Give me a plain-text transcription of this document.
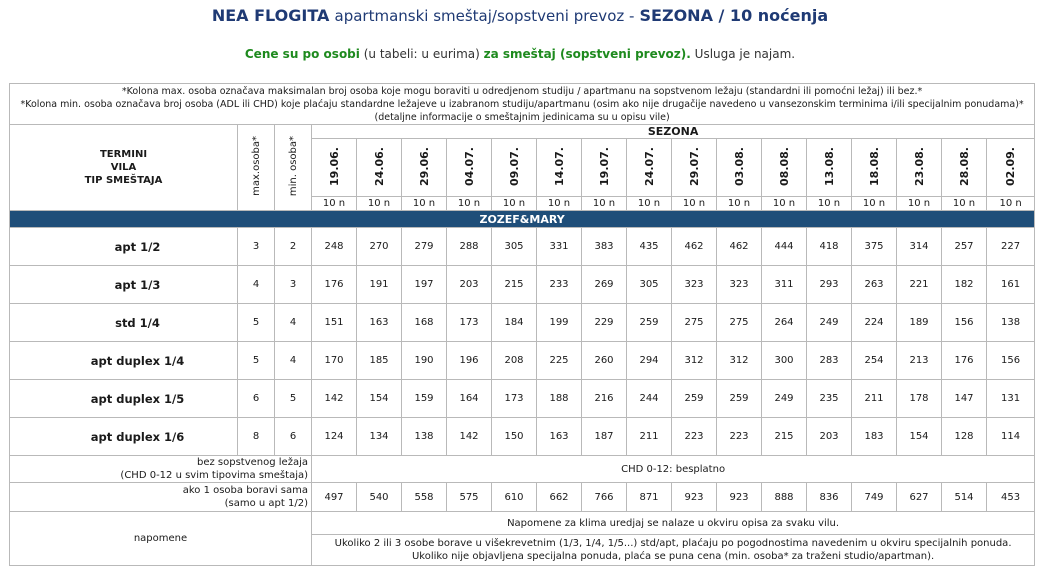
NEA FLOGITA apartmanski smeštaj/sopstveni prevoz - SEZONA / 10 noćenja
Cene su po osobi (u tabeli: u eurima) za smeštaj (sopstveni prevoz). Usluga je najam.
*Kolona max. osoba označava maksimalan broj osoba koje mogu boraviti u odredjenom studiju / apartmanu na sopstvenom ležaju (standardni ili pomoćni ležaj) ili bez.*
*Kolona min. osoba označava broj osoba (ADL ili CHD) koje plaćaju standardne ležajeve u izabranom studiju/apartmanu (osim ako nije drugačije navedeno u vansezonskim terminima i/ili specijalnim ponudama)*
(detaljne informacije o smeštajnim jedinicama su u opisu vile)																		

TERMINI
VILA
TIP SMEŠTAJA	max.osoba*	min. osoba*	SEZONA															
			19.06.	24.06.	29.06.	04.07.	09.07.	14.07.	19.07.	24.07.	29.07.	03.08.	08.08.	13.08.	18.08.	23.08.	28.08.	02.09.
			10 n	10 n	10 n	10 n	10 n	10 n	10 n	10 n	10 n	10 n	10 n	10 n	10 n	10 n	10 n	10 n
ZOZEF&MARY																		
apt 1/2	3	2	248	270	279	288	305	331	383	435	462	462	444	418	375	314	257	227
apt 1/3	4	3	176	191	197	203	215	233	269	305	323	323	311	293	263	221	182	161
std 1/4	5	4	151	163	168	173	184	199	229	259	275	275	264	249	224	189	156	138
apt duplex 1/4	5	4	170	185	190	196	208	225	260	294	312	312	300	283	254	213	176	156
apt duplex 1/5	6	5	142	154	159	164	173	188	216	244	259	259	249	235	211	178	147	131
apt duplex 1/6	8	6	124	134	138	142	150	163	187	211	223	223	215	203	183	154	128	114

bez sopstvenog ležaja
(CHD 0-12 u svim tipovima smeštaja)			CHD 0-12: besplatno															

ako 1 osoba boravi sama
(samo u apt 1/2)			497	540	558	575	610	662	766	871	923	923	888	836	749	627	514	453
napomene			Napomene za klima uredjaj se nalaze u okviru opisa za svaku vilu.															

			Ukoliko 2 ili 3 osobe borave u višekrevetnim (1/3, 1/4, 1/5...) std/apt, plaćaju po pogodnostima navedenim u okviru specijalnih ponuda.
Ukoliko nije objavljena specijalna ponuda, plaća se puna cena (min. osoba* za traženi studio/apartman).															
